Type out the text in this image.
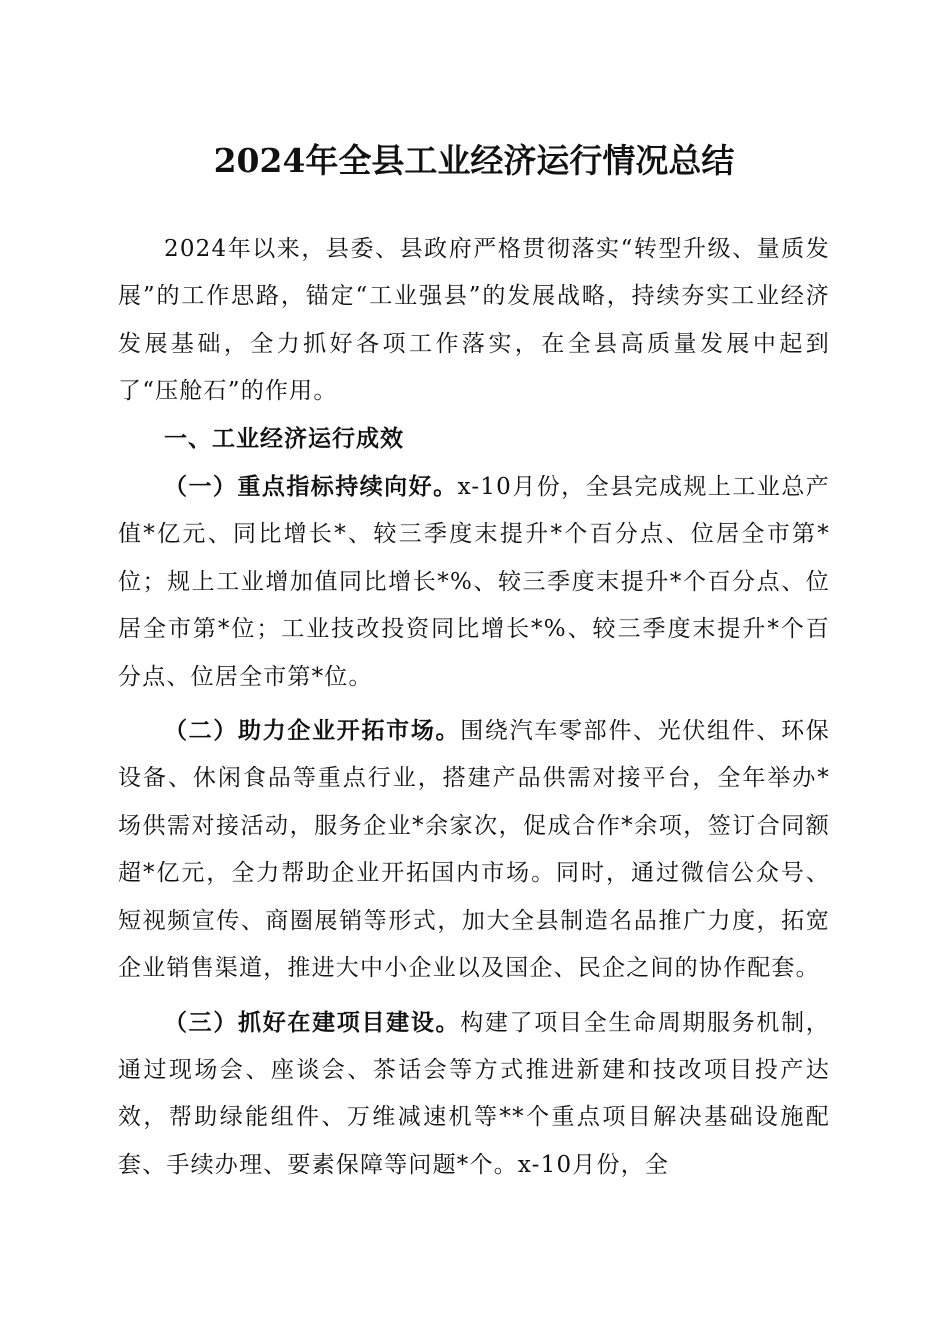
2024年全县工业经济运行情况总结

2024年以来，县委、县政府严格贯彻落实“转型升级、量质发展”的工作思路，锚定“工业强县”的发展战略，持续夯实工业经济发展基础，全力抓好各项工作落实，在全县高质量发展中起到了“压舱石”的作用。

一、工业经济运行成效

（一）重点指标持续向好。x-10月份，全县完成规上工业总产值*亿元、同比增长*、较三季度末提升*个百分点、位居全市第*位；规上工业增加值同比增长*%、较三季度末提升*个百分点、位居全市第*位；工业技改投资同比增长*%、较三季度末提升*个百分点、位居全市第*位。

（二）助力企业开拓市场。围绕汽车零部件、光伏组件、环保设备、休闲食品等重点行业，搭建产品供需对接平台，全年举办*场供需对接活动，服务企业*余家次，促成合作*余项，签订合同额超*亿元，全力帮助企业开拓国内市场。同时，通过微信公众号、短视频宣传、商圈展销等形式，加大全县制造名品推广力度，拓宽企业销售渠道，推进大中小企业以及国企、民企之间的协作配套。

（三）抓好在建项目建设。构建了项目全生命周期服务机制，通过现场会、座谈会、茶话会等方式推进新建和技改项目投产达效，帮助绿能组件、万维减速机等**个重点项目解决基础设施配套、手续办理、要素保障等问题*个。x-10月份，全
